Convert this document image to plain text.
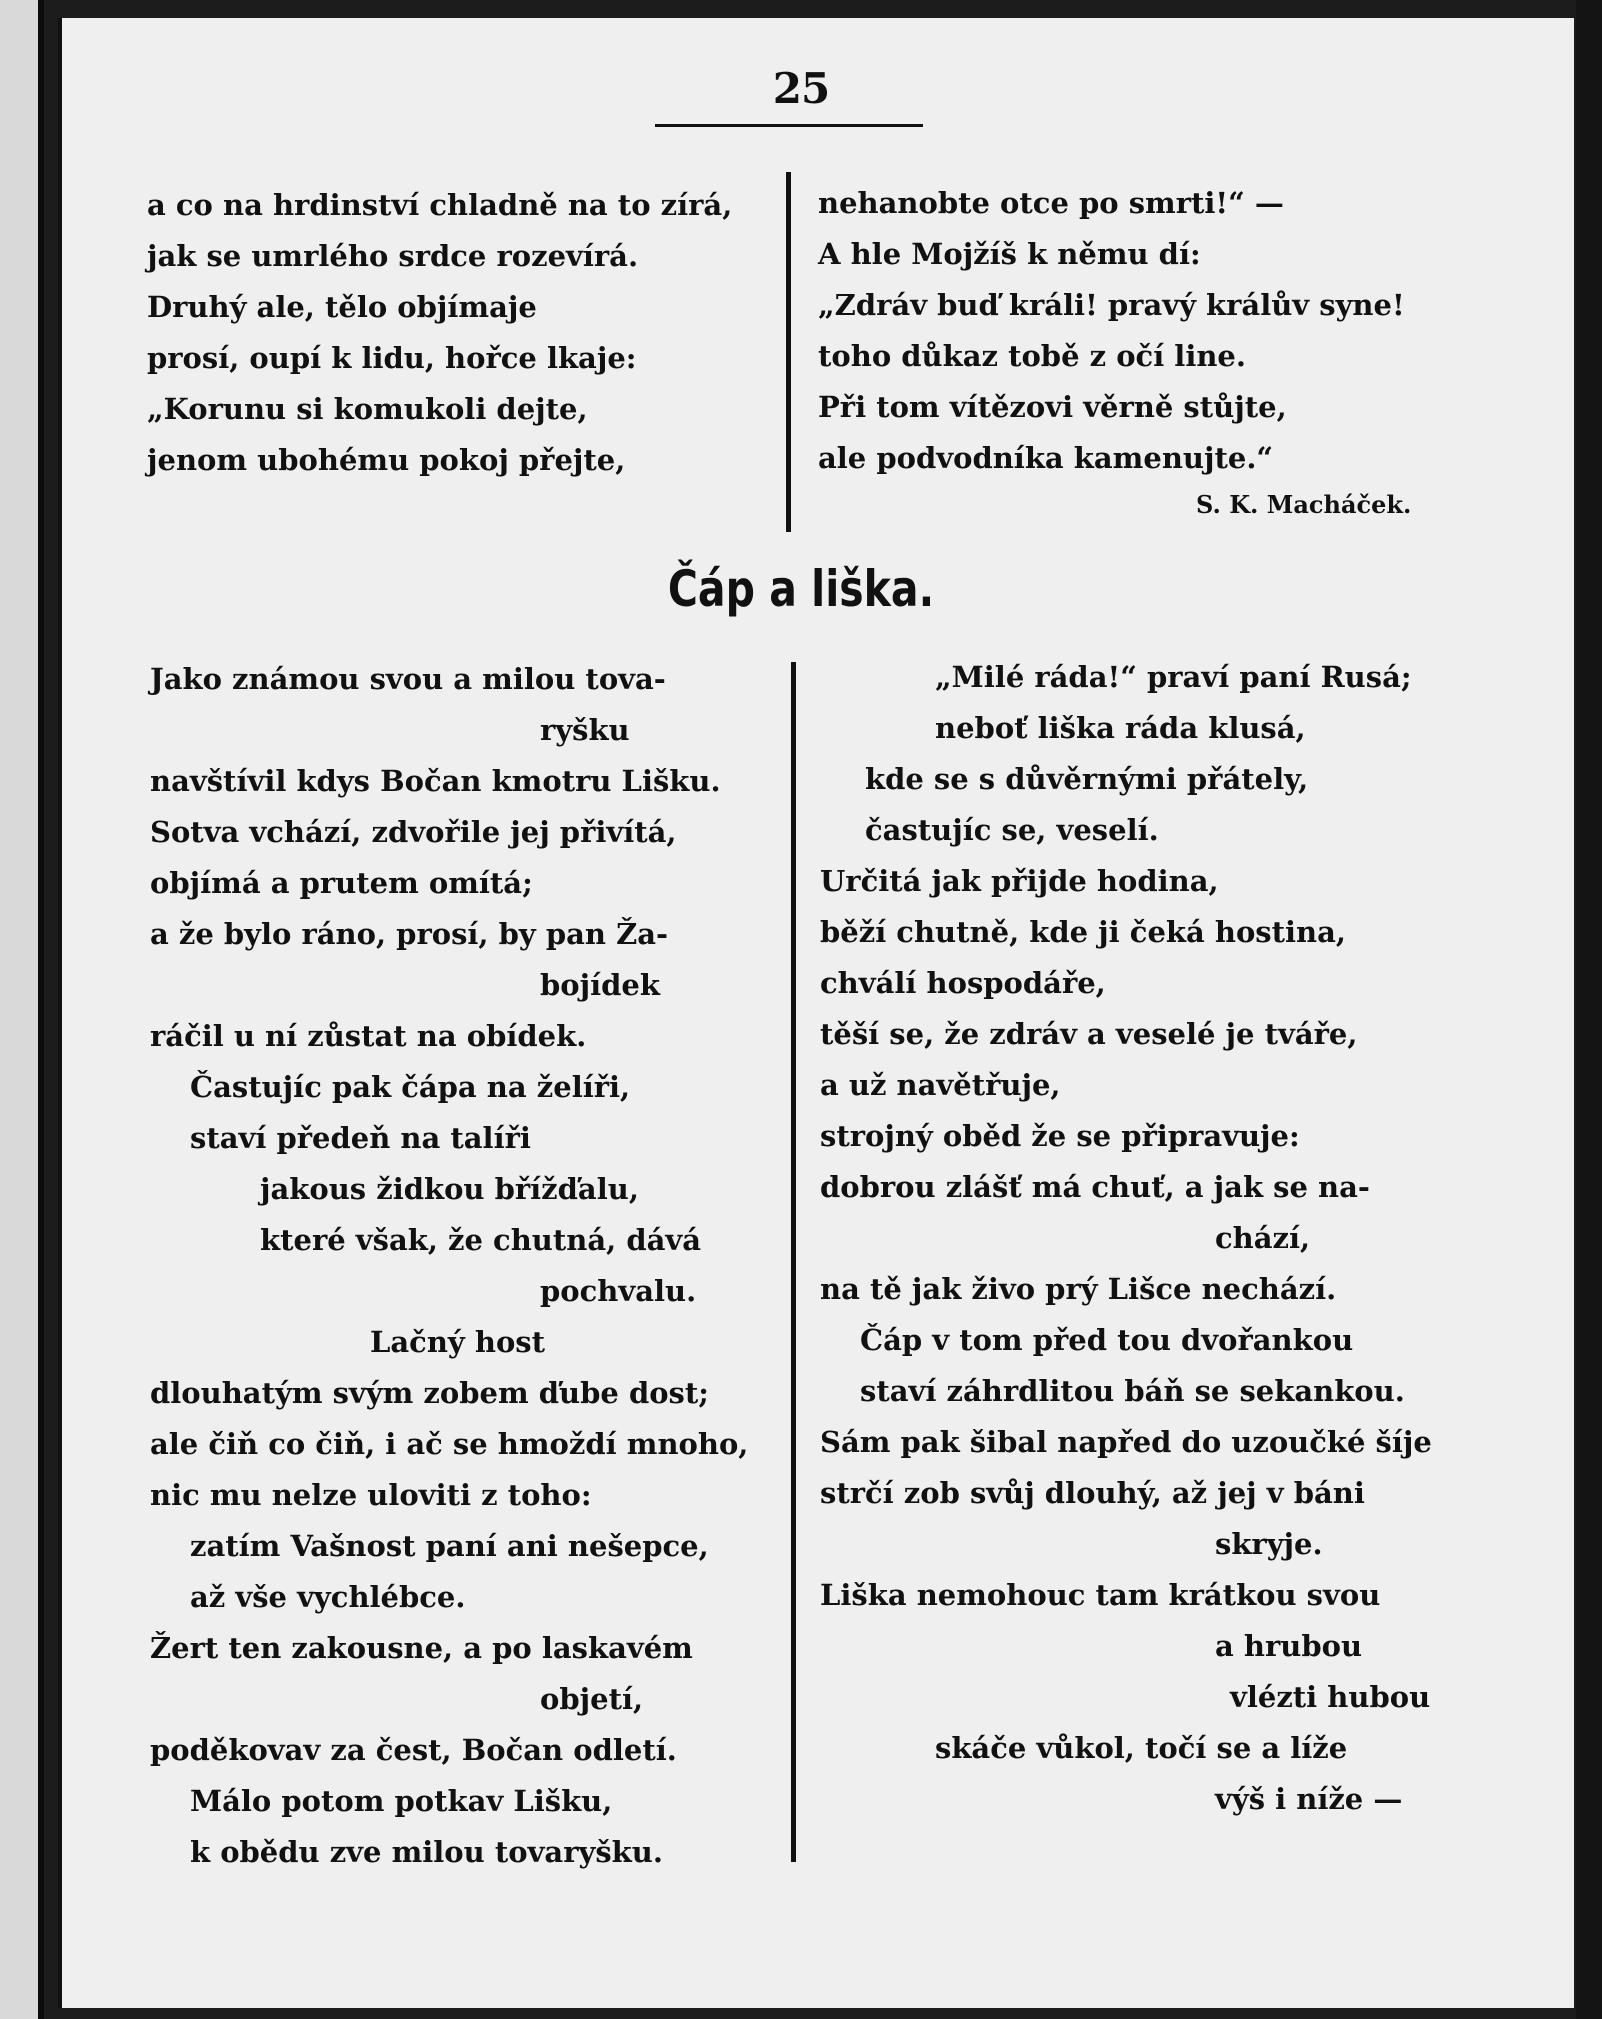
25
a co na hrdinství chladně na to zírá,
jak se umrlého srdce rozevírá.
Druhý ale, tělo objímaje
prosí, oupí k lidu, hořce lkaje:
„Korunu si komukoli dejte,
jenom ubohému pokoj přejte,
nehanobte otce po smrti!“ —
A hle Mojžíš k němu dí:
„Zdráv buď králi! pravý králův syne!
toho důkaz tobě z očí line.
Při tom vítězovi věrně stůjte,
ale podvodníka kamenujte.“
S. K. Macháček.
Čáp a liška.
Jako známou svou a milou tova-
ryšku
navštívil kdys Bočan kmotru Lišku.
Sotva vchází, zdvořile jej přivítá,
objímá a prutem omítá;
a že bylo ráno, prosí, by pan Ža-
bojídek
ráčil u ní zůstat na obídek.
Častujíc pak čápa na želíři,
staví předeň na talíři
jakous židkou břížďalu,
které však, že chutná, dává
pochvalu.
Lačný host
dlouhatým svým zobem ďube dost;
ale čiň co čiň, i ač se hmoždí mnoho,
nic mu nelze uloviti z toho:
zatím Vašnost paní ani nešepce,
až vše vychlébce.
Žert ten zakousne, a po laskavém
objetí,
poděkovav za čest, Bočan odletí.
Málo potom potkav Lišku,
k obědu zve milou tovaryšku.
„Milé ráda!“ praví paní Rusá;
neboť liška ráda klusá,
kde se s důvěrnými přátely,
častujíc se, veselí.
Určitá jak přijde hodina,
běží chutně, kde ji čeká hostina,
chválí hospodáře,
těší se, že zdráv a veselé je tváře,
a už navětřuje,
strojný oběd že se připravuje:
dobrou zlášť má chuť, a jak se na-
chází,
na tě jak živo prý Lišce nechází.
Čáp v tom před tou dvořankou
staví záhrdlitou báň se sekankou.
Sám pak šibal napřed do uzoučké šíje
strčí zob svůj dlouhý, až jej v báni
skryje.
Liška nemohouc tam krátkou svou
a hrubou
vlézti hubou
skáče vůkol, točí se a líže
výš i níže —
